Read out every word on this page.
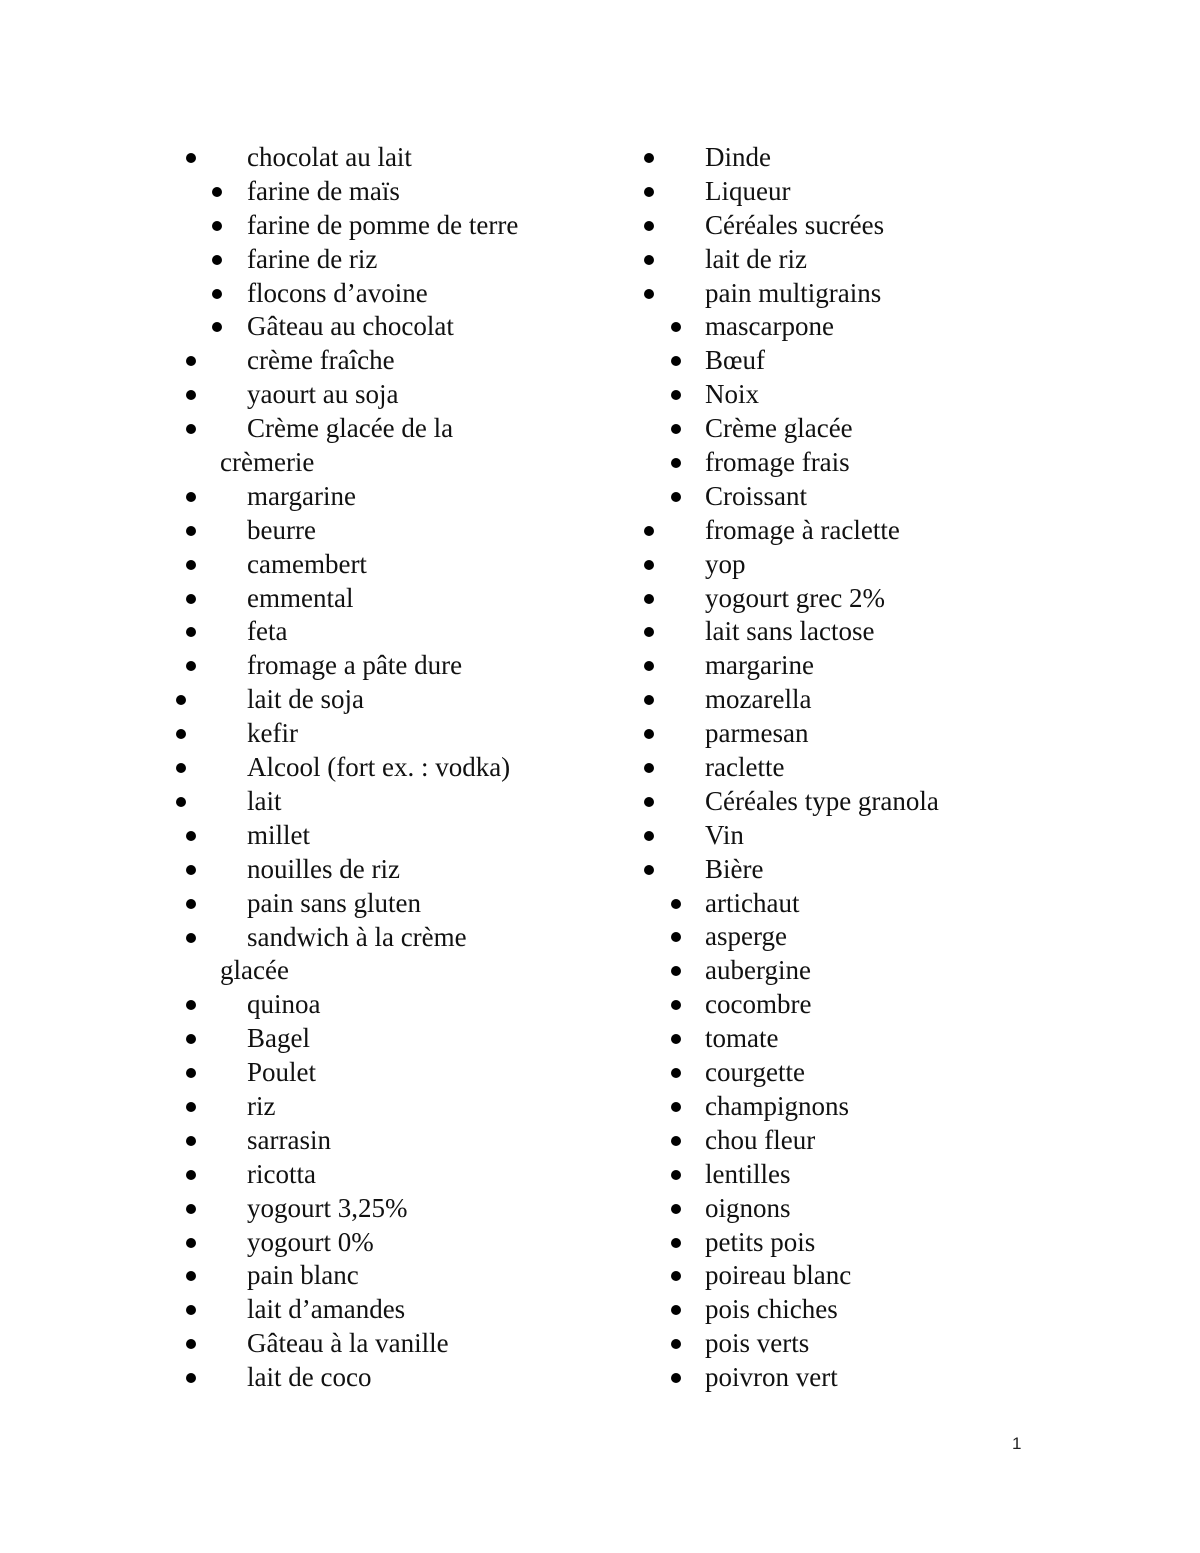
chocolat au lait
farine de maïs
farine de pomme de terre
farine de riz
flocons d’avoine
Gâteau au chocolat
crème fraîche
yaourt au soja
Crème glacée de la crèmerie
margarine
beurre
camembert
emmental
feta
fromage a pâte dure
lait de soja
kefir
Alcool (fort ex. : vodka)
lait
millet
nouilles de riz
pain sans gluten
sandwich à la crème glacée
quinoa
Bagel
Poulet
riz
sarrasin
ricotta
yogourt 3,25%
yogourt 0%
pain blanc
lait d’amandes
Gâteau à la vanille
lait de coco
Dinde
Liqueur
Céréales sucrées
lait de riz
pain multigrains
mascarpone
Bœuf
Noix
Crème glacée
fromage frais
Croissant
fromage à raclette
yop
yogourt grec 2%
lait sans lactose
margarine
mozarella
parmesan
raclette
Céréales type granola
Vin
Bière
artichaut
asperge
aubergine
cocombre
tomate
courgette
champignons
chou fleur
lentilles
oignons
petits pois
poireau blanc
pois chiches
pois verts
poivron vert
1
